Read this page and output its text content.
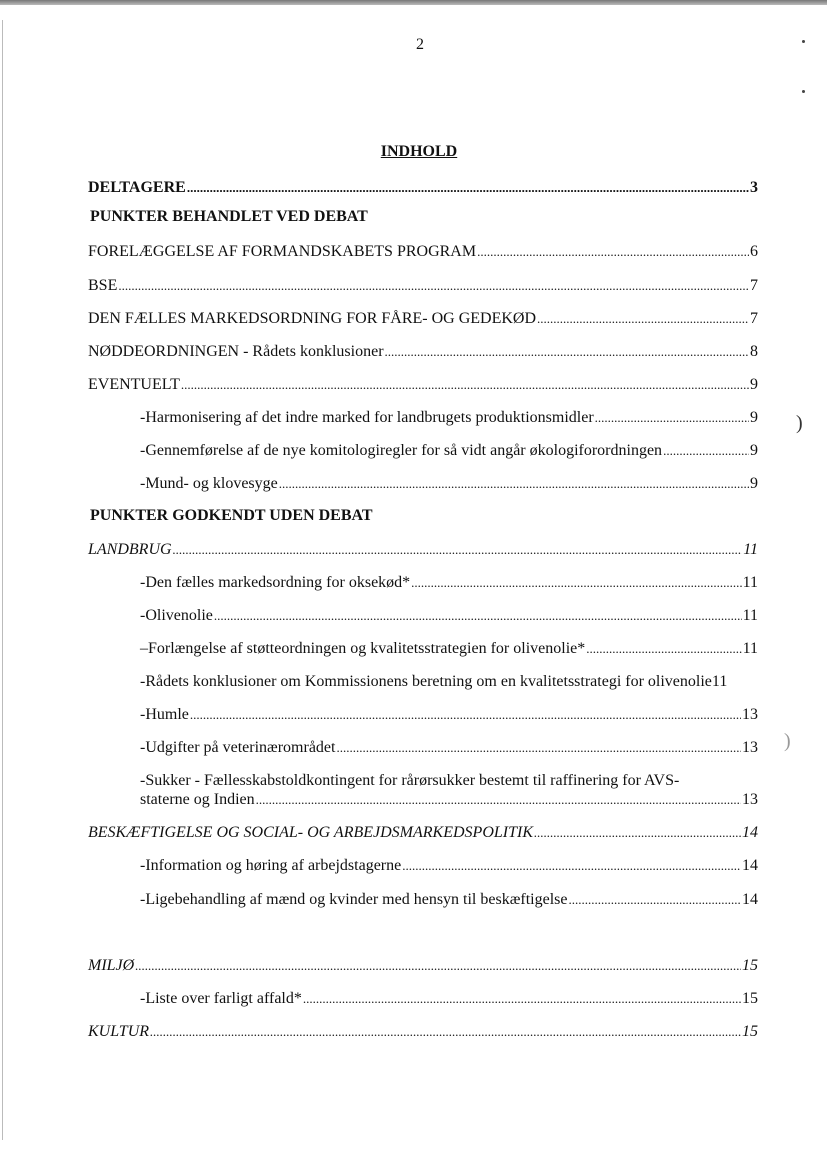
)
)
2
INDHOLD
DELTAGERE .....	3
PUNKTER BEHANDLET VED DEBAT
FORELÆGGELSE AF FORMANDSKABETS PROGRAM .....	6
BSE .....	7
DEN FÆLLES MARKEDSORDNING FOR FÅRE- OG GEDEKØD .....	7
NØDDEORDNINGEN - Rådets konklusioner .....	8
EVENTUELT .....	9
-Harmonisering af det indre marked for landbrugets produktionsmidler .....	9
-Gennemførelse af de nye komitologiregler for så vidt angår økologiforordningen .....	9
-Mund- og klovesyge .....	9
PUNKTER GODKENDT UDEN DEBAT
LANDBRUG .....	11
-Den fælles markedsordning for oksekød* .....	11
-Olivenolie .....	11
–Forlængelse af støtteordningen og kvalitetsstrategien for olivenolie* .....	11
-Rådets konklusioner om Kommissionens beretning om en kvalitetsstrategi for olivenolie 11
-Humle .....	13
-Udgifter på veterinærområdet .....	13
-Sukker - Fællesskabstoldkontingent for rårørsukker bestemt til raffinering for AVS-
staterne og Indien .....	13
BESKÆFTIGELSE OG SOCIAL- OG ARBEJDSMARKEDSPOLITIK .....	14
-Information og høring af arbejdstagerne .....	14
-Ligebehandling af mænd og kvinder med hensyn til beskæftigelse .....	14
MILJØ .....	15
-Liste over farligt affald* .....	15
KULTUR .....	15
